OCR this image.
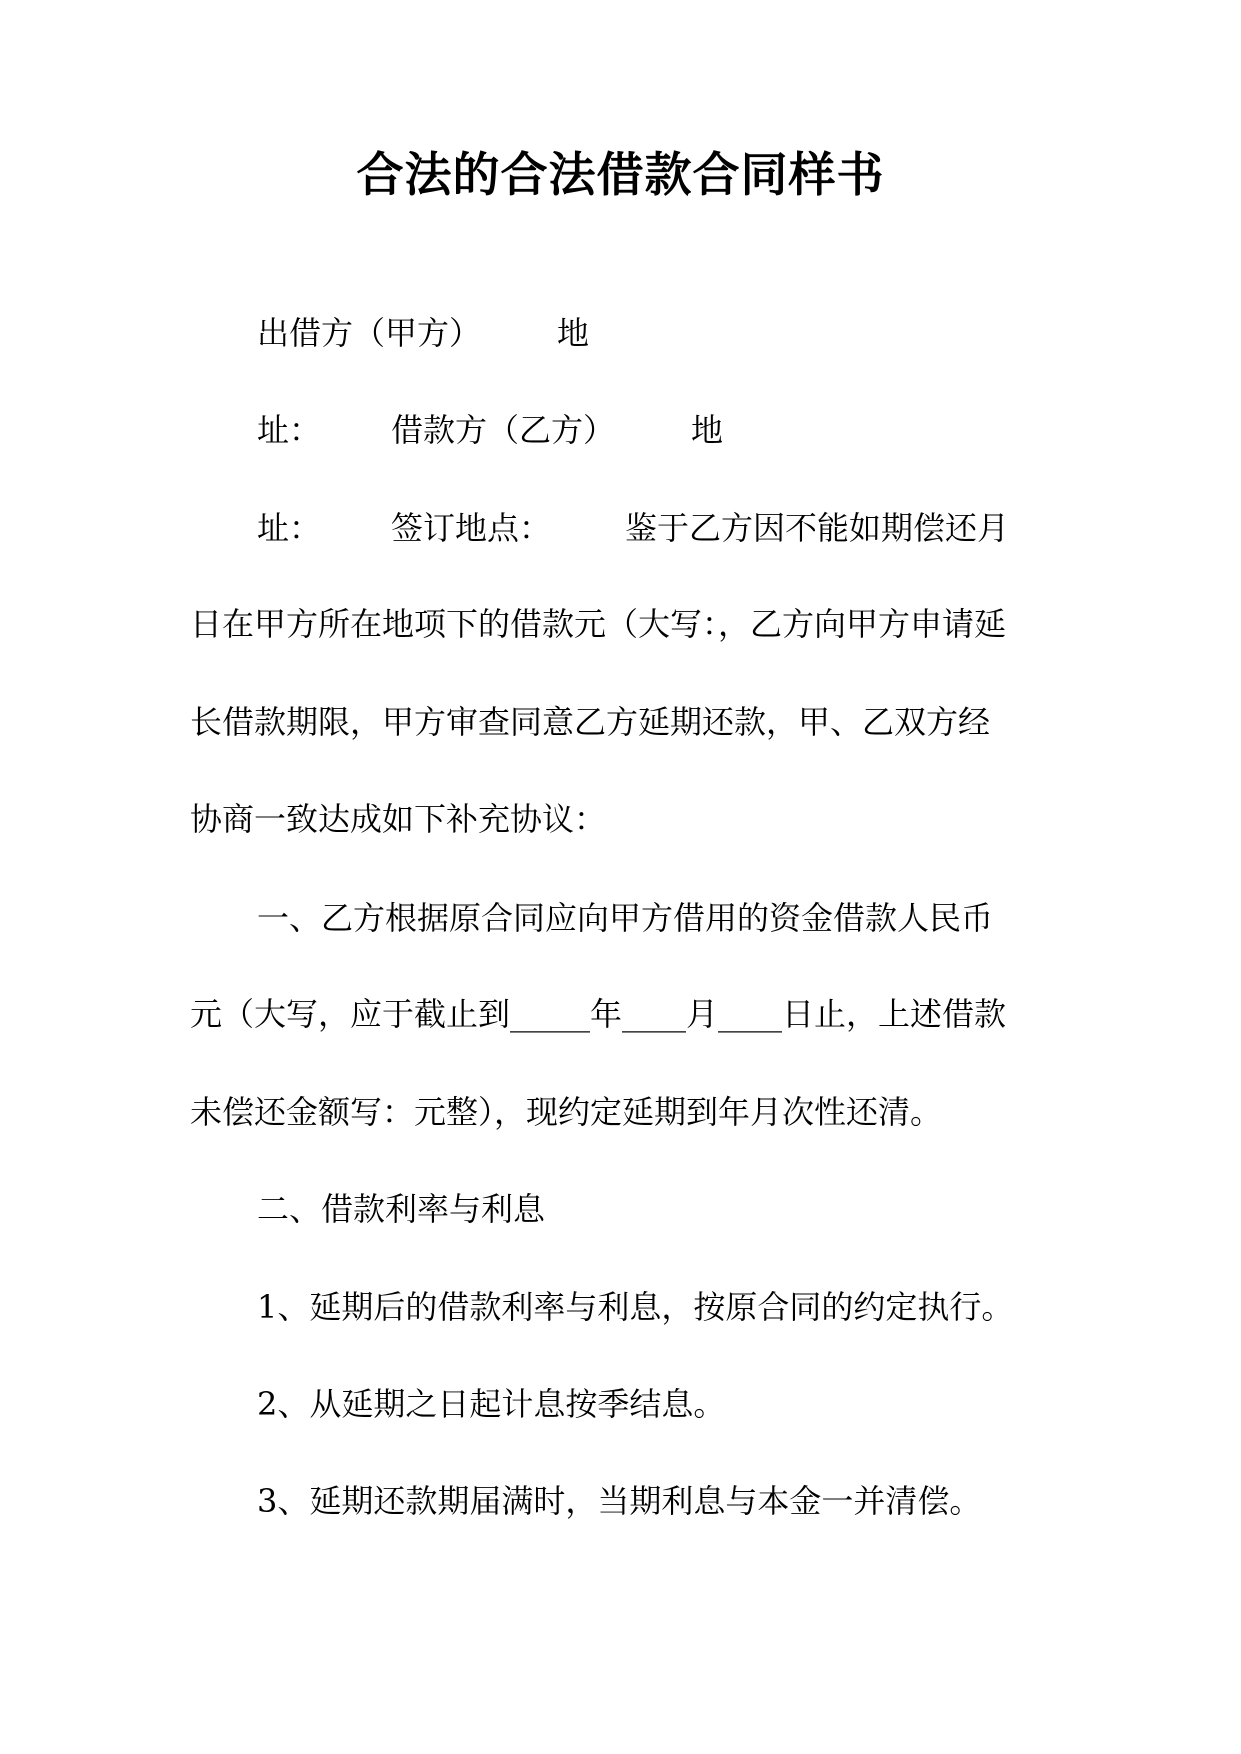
合法的合法借款合同样书
出借方（甲方） 地
址： 借款方（乙方） 地
址： 签订地点： 鉴于乙方因不能如期偿还月
日在甲方所在地项下的借款元（大写：，乙方向甲方申请延
长借款期限，甲方审查同意乙方延期还款，甲、乙双方经
协商一致达成如下补充协议：
一、乙方根据原合同应向甲方借用的资金借款人民币
元（大写，应于截止到_____年____月____日止，上述借款
未偿还金额写：元整），现约定延期到年月次性还清。
二、借款利率与利息
1、延期后的借款利率与利息，按原合同的约定执行。
2、从延期之日起计息按季结息。
3、延期还款期届满时，当期利息与本金一并清偿。
